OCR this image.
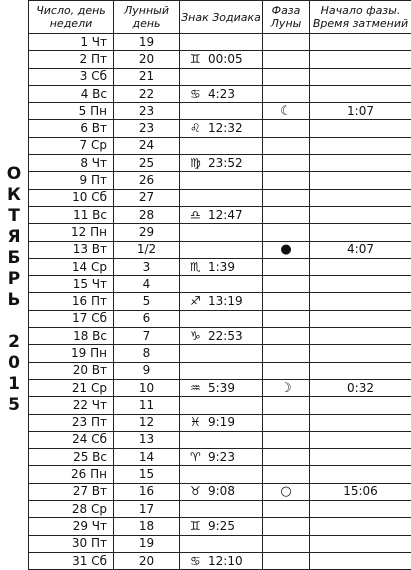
О
К
Т
Я
Б
Р
Ь
2
0
1
5
Число, день недели	Лунный день	Знак Зодиака	Фаза Луны	Начало фазы. Время затмений
1 Чт	19			
2 Пт	20	♊ 00:05		
3 Сб	21			
4 Вс	22	♋ 4:23		
5 Пн	23		☾	1:07
6 Вт	23	♌ 12:32		
7 Ср	24			
8 Чт	25	♍ 23:52		
9 Пт	26			
10 Сб	27			
11 Вс	28	♎ 12:47		
12 Пн	29			
13 Вт	1/2		●	4:07
14 Ср	3	♏ 1:39		
15 Чт	4			
16 Пт	5	♐ 13:19		
17 Сб	6			
18 Вс	7	♑ 22:53		
19 Пн	8			
20 Вт	9			
21 Ср	10	♒ 5:39	☽	0:32
22 Чт	11			
23 Пт	12	♓ 9:19		
24 Сб	13			
25 Вс	14	♈ 9:23		
26 Пн	15			
27 Вт	16	♉ 9:08	○	15:06
28 Ср	17			
29 Чт	18	♊ 9:25		
30 Пт	19			
31 Сб	20	♋ 12:10		
